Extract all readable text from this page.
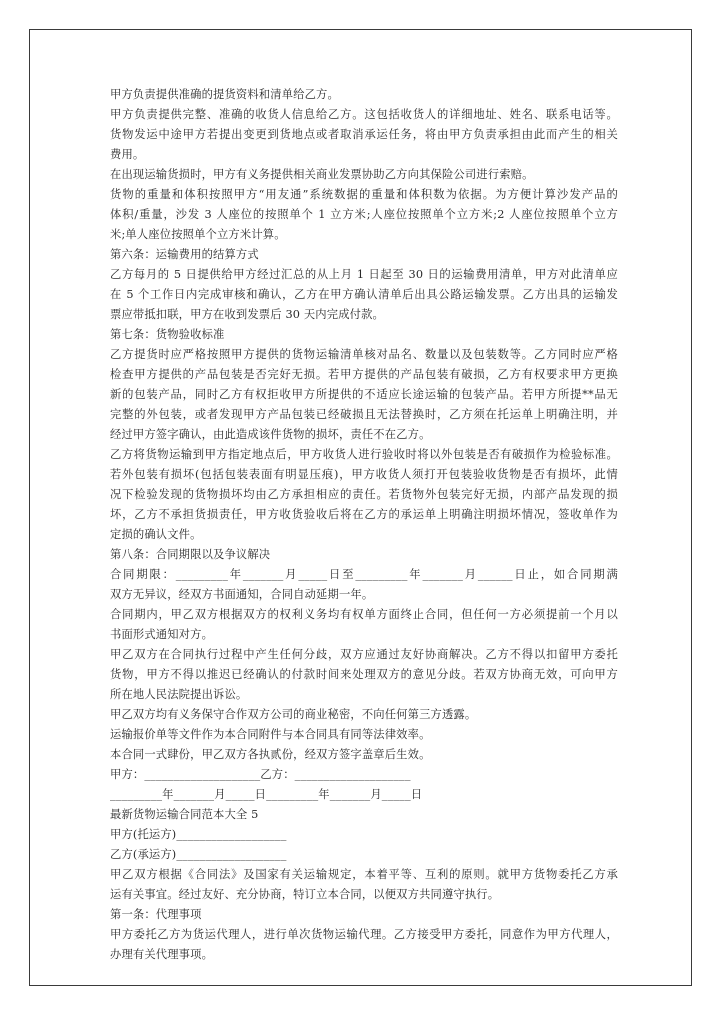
甲方负责提供准确的提货资料和清单给乙方。
甲方负责提供完整、准确的收货人信息给乙方。这包括收货人的详细地址、姓名、联系电话等。
货物发运中途甲方若提出变更到货地点或者取消承运任务，将由甲方负责承担由此而产生的相关
费用。
在出现运输货损时，甲方有义务提供相关商业发票协助乙方向其保险公司进行索赔。
货物的重量和体积按照甲方“用友通”系统数据的重量和体积数为依据。为方便计算沙发产品的
体积/重量，沙发 3 人座位的按照单个 1 立方米;人座位按照单个立方米;2 人座位按照单个立方
米;单人座位按照单个立方米计算。
第六条：运输费用的结算方式
乙方每月的 5 日提供给甲方经过汇总的从上月 1 日起至 30 日的运输费用清单，甲方对此清单应
在 5 个工作日内完成审核和确认，乙方在甲方确认清单后出具公路运输发票。乙方出具的运输发
票应带抵扣联，甲方在收到发票后 30 天内完成付款。
第七条：货物验收标准
乙方提货时应严格按照甲方提供的货物运输清单核对品名、数量以及包装数等。乙方同时应严格
检查甲方提供的产品包装是否完好无损。若甲方提供的产品包装有破损，乙方有权要求甲方更换
新的包装产品，同时乙方有权拒收甲方所提供的不适应长途运输的包装产品。若甲方所提**品无
完整的外包装，或者发现甲方产品包装已经破损且无法替换时，乙方须在托运单上明确注明，并
经过甲方签字确认，由此造成该件货物的损坏，责任不在乙方。
乙方将货物运输到甲方指定地点后，甲方收货人进行验收时将以外包装是否有破损作为检验标准。
若外包装有损坏(包括包装表面有明显压痕)，甲方收货人须打开包装验收货物是否有损坏，此情
况下检验发现的货物损坏均由乙方承担相应的责任。若货物外包装完好无损，内部产品发现的损
坏，乙方不承担货损责任，甲方收货验收后将在乙方的承运单上明确注明损坏情况，签收单作为
定损的确认文件。
第八条：合同期限以及争议解决
合同期限：_________年_______月_____日至_________年_______月______日止，如合同期满
双方无异议，经双方书面通知，合同自动延期一年。
合同期内，甲乙双方根据双方的权利义务均有权单方面终止合同，但任何一方必须提前一个月以
书面形式通知对方。
甲乙双方在合同执行过程中产生任何分歧，双方应通过友好协商解决。乙方不得以扣留甲方委托
货物，甲方不得以推迟已经确认的付款时间来处理双方的意见分歧。若双方协商无效，可向甲方
所在地人民法院提出诉讼。
甲乙双方均有义务保守合作双方公司的商业秘密，不向任何第三方透露。
运输报价单等文件作为本合同附件与本合同具有同等法律效率。
本合同一式肆份，甲乙双方各执贰份，经双方签字盖章后生效。
甲方：____________________乙方：____________________
_________年_______月_____日_________年_______月_____日
最新货物运输合同范本大全 5
甲方(托运方)___________________
乙方(承运方)___________________
甲乙双方根据《合同法》及国家有关运输规定，本着平等、互利的原则。就甲方货物委托乙方承
运有关事宜。经过友好、充分协商，特订立本合同，以便双方共同遵守执行。
第一条：代理事项
甲方委托乙方为货运代理人，进行单次货物运输代理。乙方接受甲方委托，同意作为甲方代理人，
办理有关代理事项。
